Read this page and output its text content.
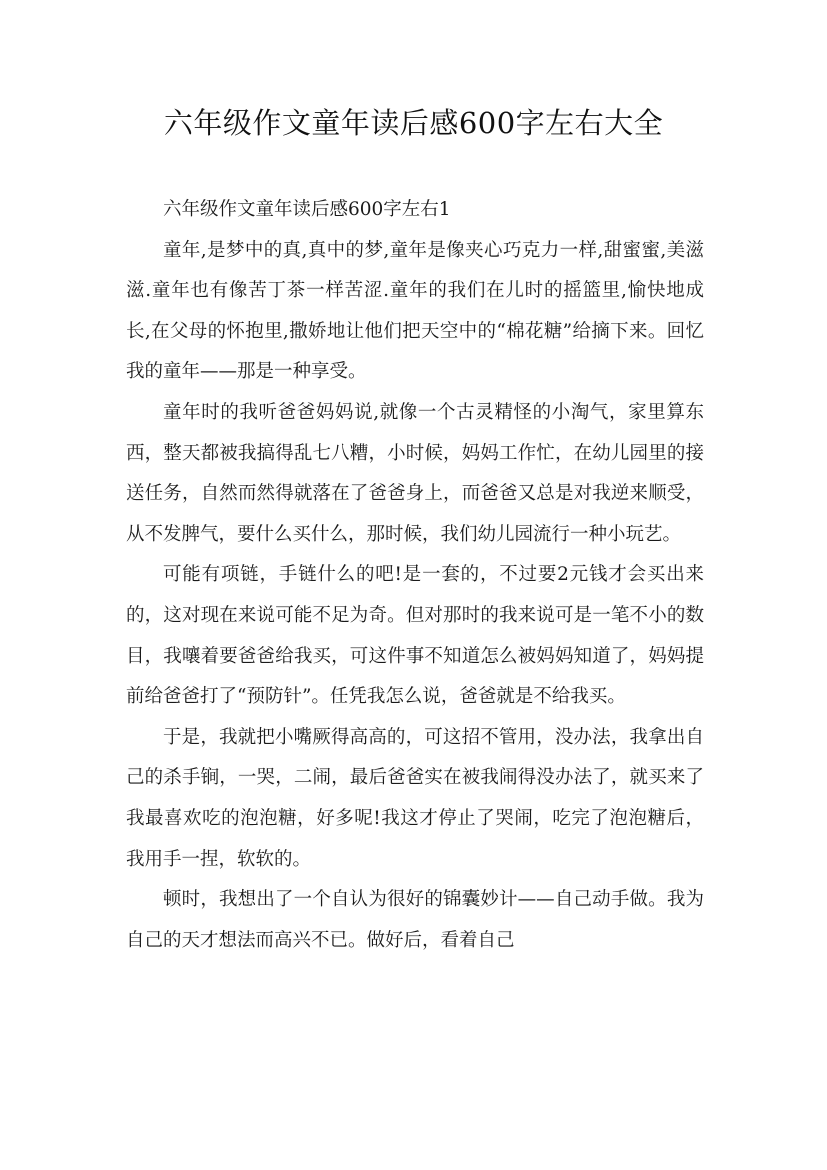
六年级作文童年读后感600字左右大全

六年级作文童年读后感600字左右1

童年,是梦中的真,真中的梦,童年是像夹心巧克力一样,甜蜜蜜,美滋滋.童年也有像苦丁茶一样苦涩.童年的我们在儿时的摇篮里,愉快地成长,在父母的怀抱里,撒娇地让他们把天空中的“棉花糖”给摘下来。回忆我的童年——那是一种享受。

童年时的我听爸爸妈妈说,就像一个古灵精怪的小淘气，家里算东西，整天都被我搞得乱七八糟，小时候，妈妈工作忙，在幼儿园里的接送任务，自然而然得就落在了爸爸身上，而爸爸又总是对我逆来顺受，从不发脾气，要什么买什么，那时候，我们幼儿园流行一种小玩艺。

可能有项链，手链什么的吧!是一套的，不过要2元钱才会买出来的，这对现在来说可能不足为奇。但对那时的我来说可是一笔不小的数目，我嚷着要爸爸给我买，可这件事不知道怎么被妈妈知道了，妈妈提前给爸爸打了“预防针”。任凭我怎么说，爸爸就是不给我买。

于是，我就把小嘴厥得高高的，可这招不管用，没办法，我拿出自己的杀手锏，一哭，二闹，最后爸爸实在被我闹得没办法了，就买来了我最喜欢吃的泡泡糖，好多呢!我这才停止了哭闹，吃完了泡泡糖后，我用手一捏，软软的。

顿时，我想出了一个自认为很好的锦囊妙计——自己动手做。我为自己的天才想法而高兴不已。做好后，看着自己
